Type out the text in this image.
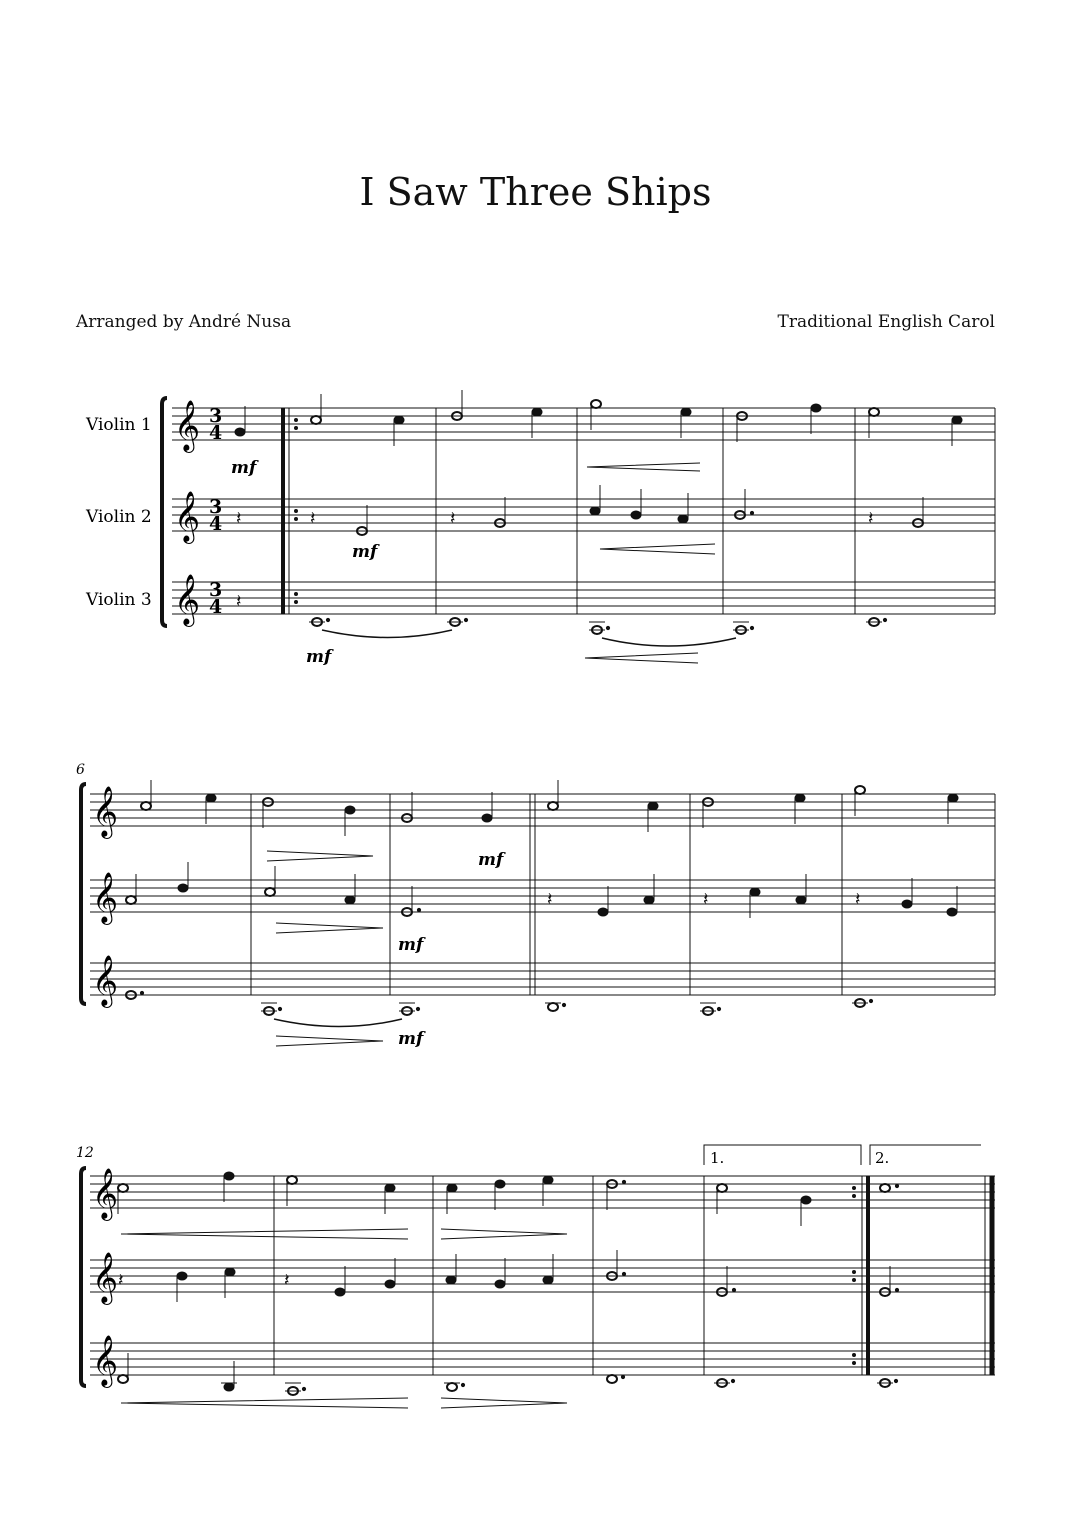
I Saw Three Ships
Arranged by André Nusa	Traditional English Carol
Violin 1
Violin 2
Violin 3
𝄞
𝄞
𝄞
3
4
3
4
3
4
mf
𝄽	𝄽	𝄽	𝄽
mf
𝄽
mf
6
𝄞
𝄞
𝄞
mf
𝄽	𝄽	𝄽
mf
mf
12
𝄞
𝄞
𝄞
1.	2.
𝄽	𝄽
